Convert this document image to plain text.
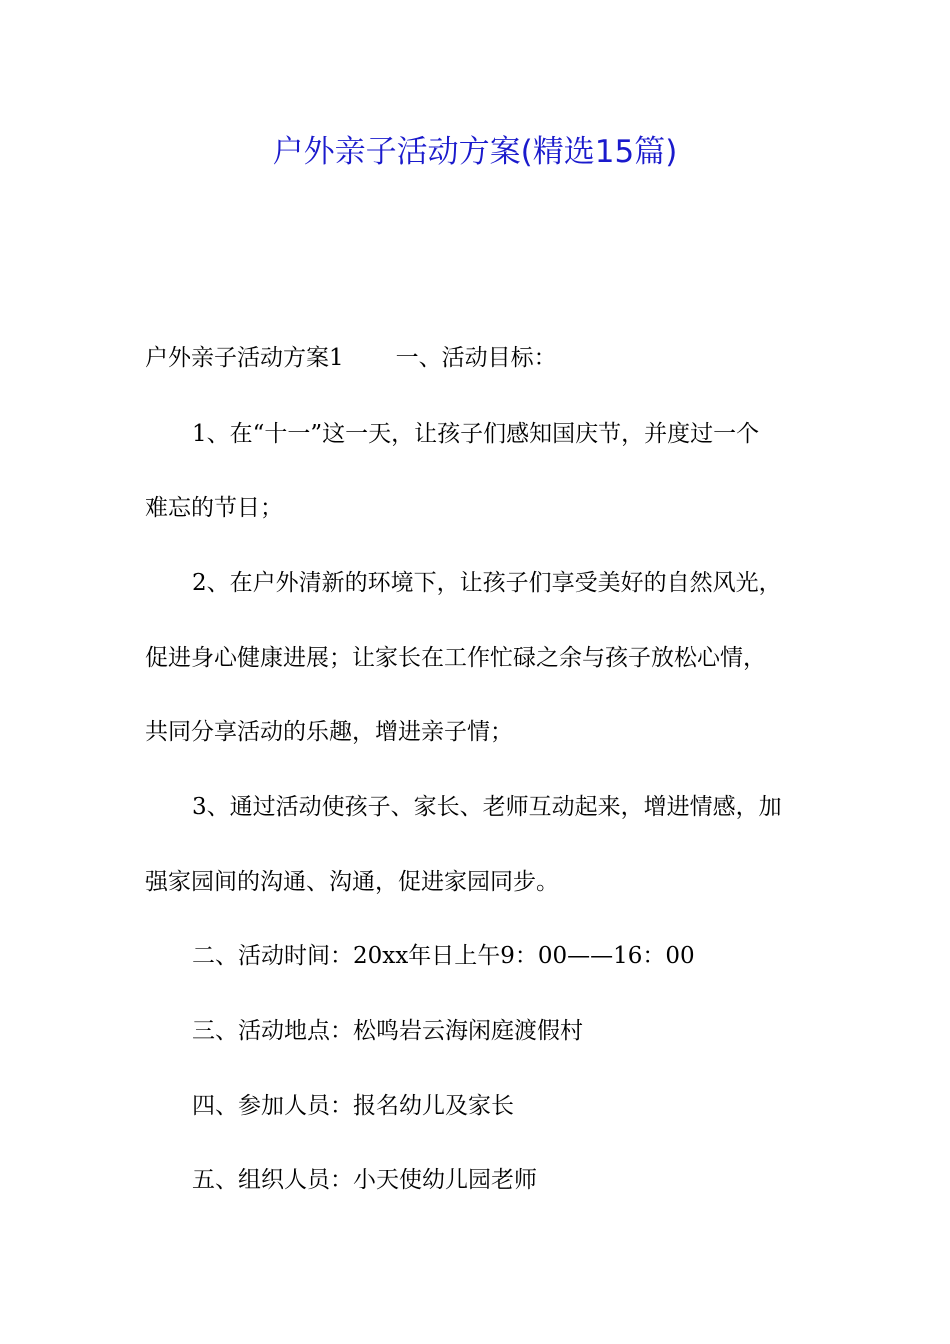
户外亲子活动方案(精选15篇)
户外亲子活动方案1 一、活动目标：
1、在“十一”这一天，让孩子们感知国庆节，并度过一个
难忘的节日；
2、在户外清新的环境下，让孩子们享受美好的自然风光，
促进身心健康进展；让家长在工作忙碌之余与孩子放松心情，
共同分享活动的乐趣，增进亲子情；
3、通过活动使孩子、家长、老师互动起来，增进情感，加
强家园间的沟通、沟通，促进家园同步。
二、活动时间：20xx年日上午9：00——16：00
三、活动地点：松鸣岩云海闲庭渡假村
四、参加人员：报名幼儿及家长
五、组织人员：小天使幼儿园老师
